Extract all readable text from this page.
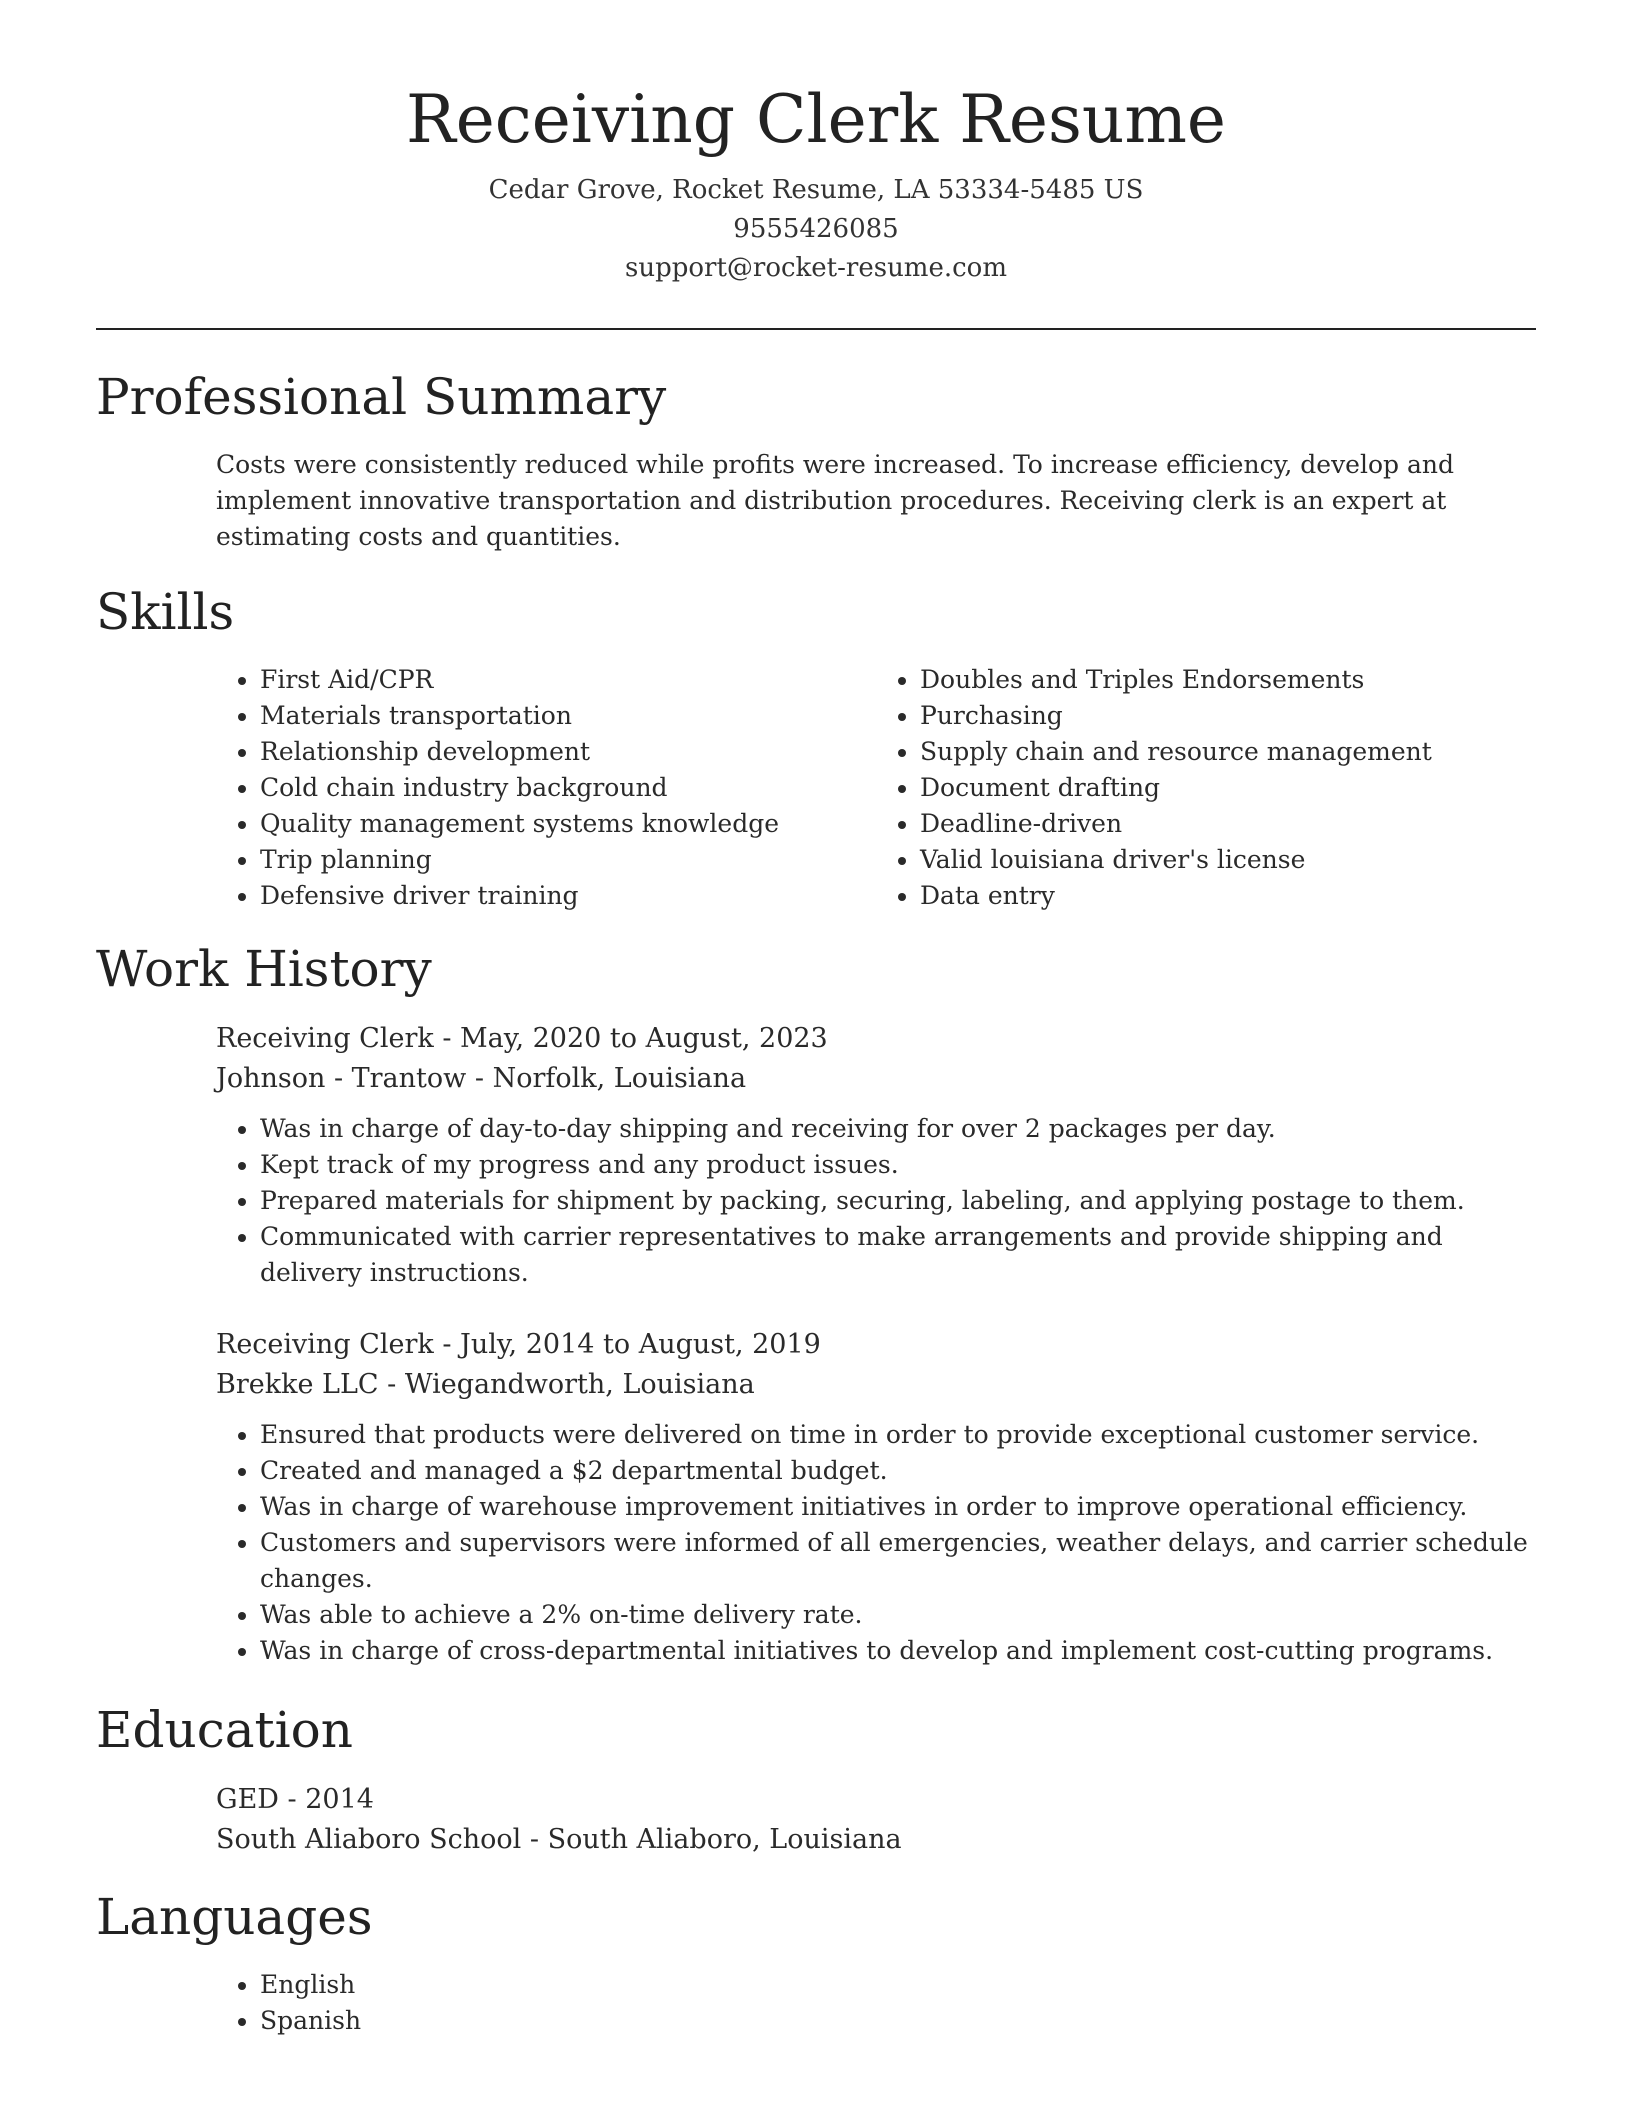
Receiving Clerk Resume
Cedar Grove, Rocket Resume, LA 53334-5485 US
9555426085
support@rocket-resume.com
Professional Summary

Costs were consistently reduced while profits were increased. To increase efficiency, develop and implement innovative transportation and distribution procedures. Receiving clerk is an expert at estimating costs and quantities.

Skills
• First Aid/CPR
• Materials transportation
• Relationship development
• Cold chain industry background
• Quality management systems knowledge
• Trip planning
• Defensive driver training
• Doubles and Triples Endorsements
• Purchasing
• Supply chain and resource management
• Document drafting
• Deadline-driven
• Valid louisiana driver's license
• Data entry
Work History
Receiving Clerk - May, 2020 to August, 2023
Johnson - Trantow - Norfolk, Louisiana
• Was in charge of day-to-day shipping and receiving for over 2 packages per day.
• Kept track of my progress and any product issues.
• Prepared materials for shipment by packing, securing, labeling, and applying postage to them.
• Communicated with carrier representatives to make arrangements and provide shipping and delivery instructions.
Receiving Clerk - July, 2014 to August, 2019
Brekke LLC - Wiegandworth, Louisiana
• Ensured that products were delivered on time in order to provide exceptional customer service.
• Created and managed a $2 departmental budget.
• Was in charge of warehouse improvement initiatives in order to improve operational efficiency.
• Customers and supervisors were informed of all emergencies, weather delays, and carrier schedule changes.
• Was able to achieve a 2% on-time delivery rate.
• Was in charge of cross-departmental initiatives to develop and implement cost-cutting programs.
Education
GED - 2014
South Aliaboro School - South Aliaboro, Louisiana
Languages
• English
• Spanish
